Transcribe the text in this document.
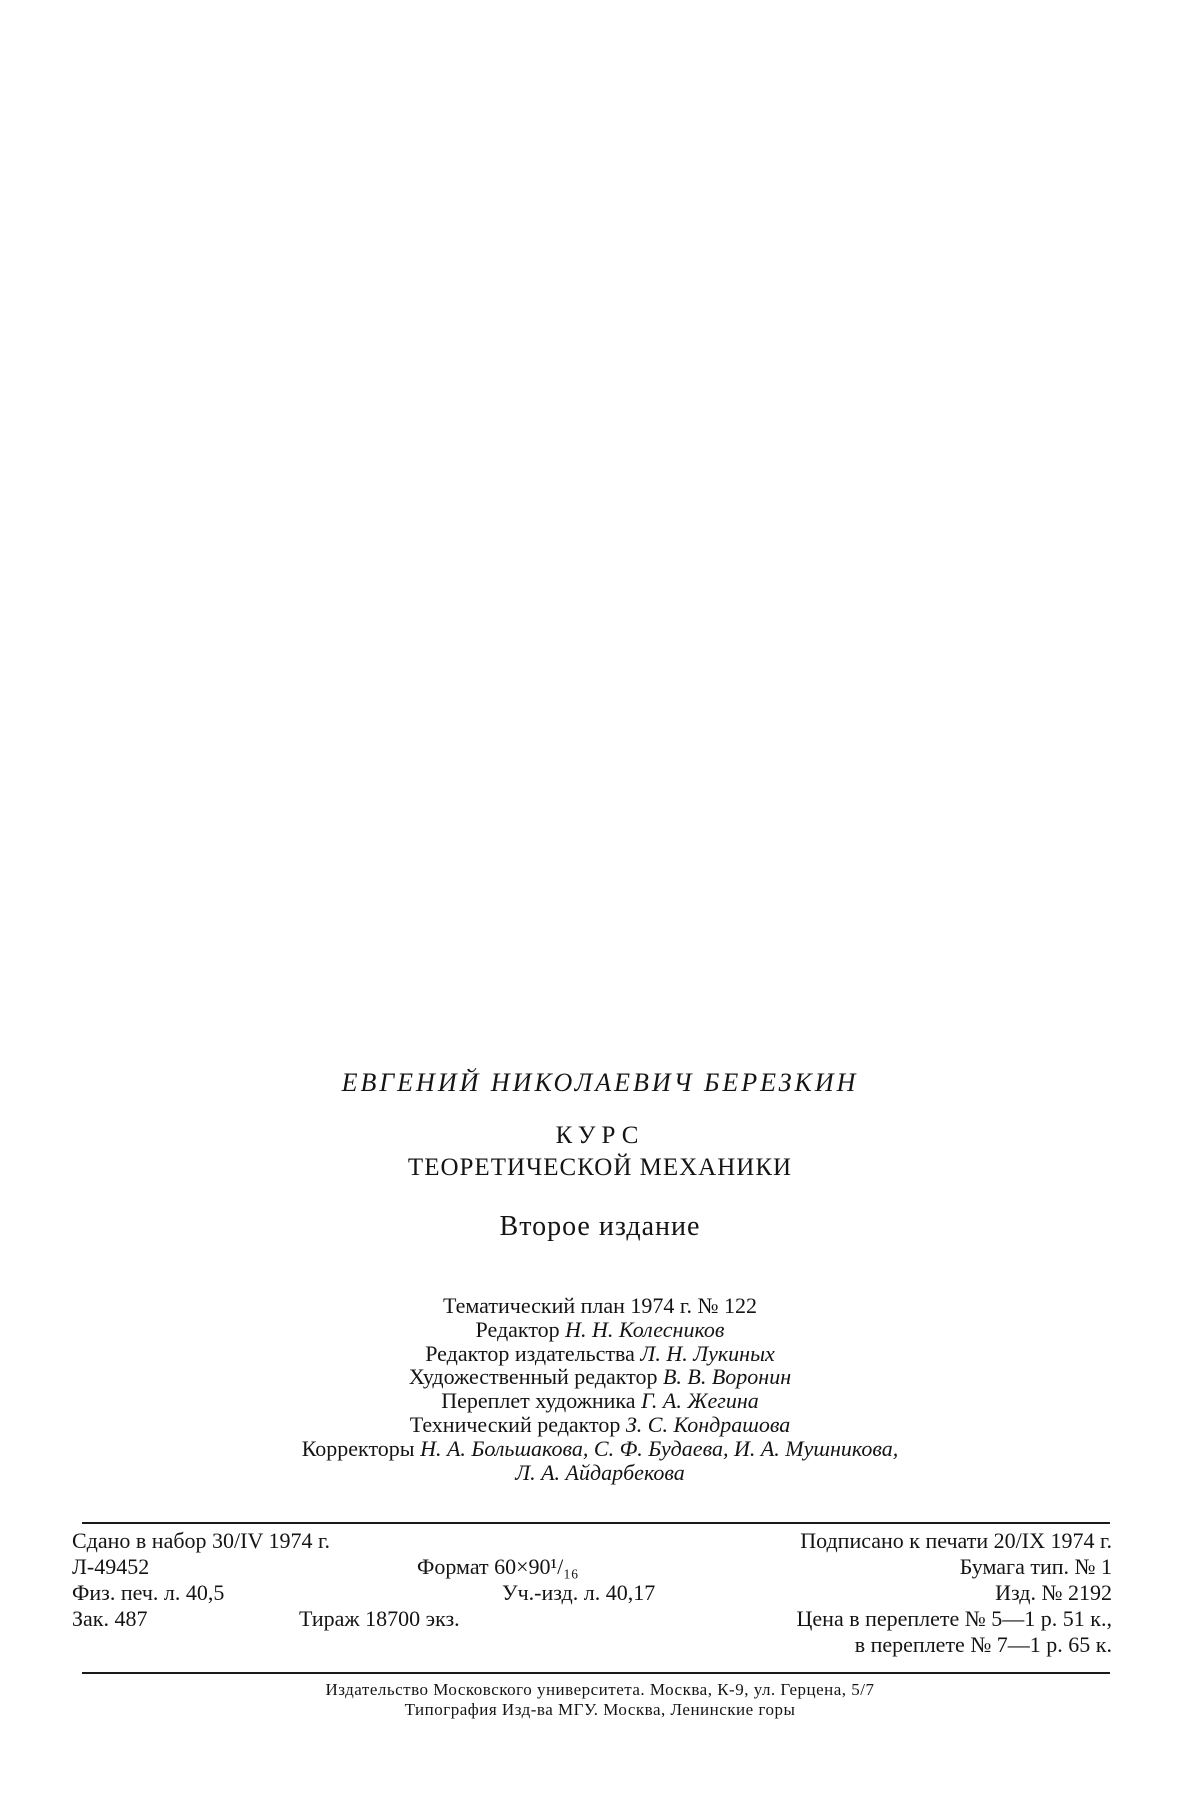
ЕВГЕНИЙ НИКОЛАЕВИЧ БЕРЕЗКИН
КУРС
ТЕОРЕТИЧЕСКОЙ МЕХАНИКИ
Второе издание
Тематический план 1974 г. № 122
Редактор Н. Н. Колесников
Редактор издательства Л. Н. Лукиных
Художественный редактор В. В. Воронин
Переплет художника Г. А. Жегина
Технический редактор З. С. Кондрашова
Корректоры Н. А. Большакова, С. Ф. Будаева, И. А. Мушникова,
Л. А. Айдарбекова
Сдано в набор 30/IV 1974 г.	Подписано к печати 20/IX 1974 г.
Л-49452	Формат 60×90¹/₁₆	Бумага тип. № 1
Физ. печ. л. 40,5	Уч.-изд. л. 40,17	Изд. № 2192
Зак. 487	Тираж 18700 экз.	Цена в переплете № 5—1 р. 51 к.,
в переплете № 7—1 р. 65 к.
Издательство Московского университета. Москва, К-9, ул. Герцена, 5/7
Типография Изд-ва МГУ. Москва, Ленинские горы
